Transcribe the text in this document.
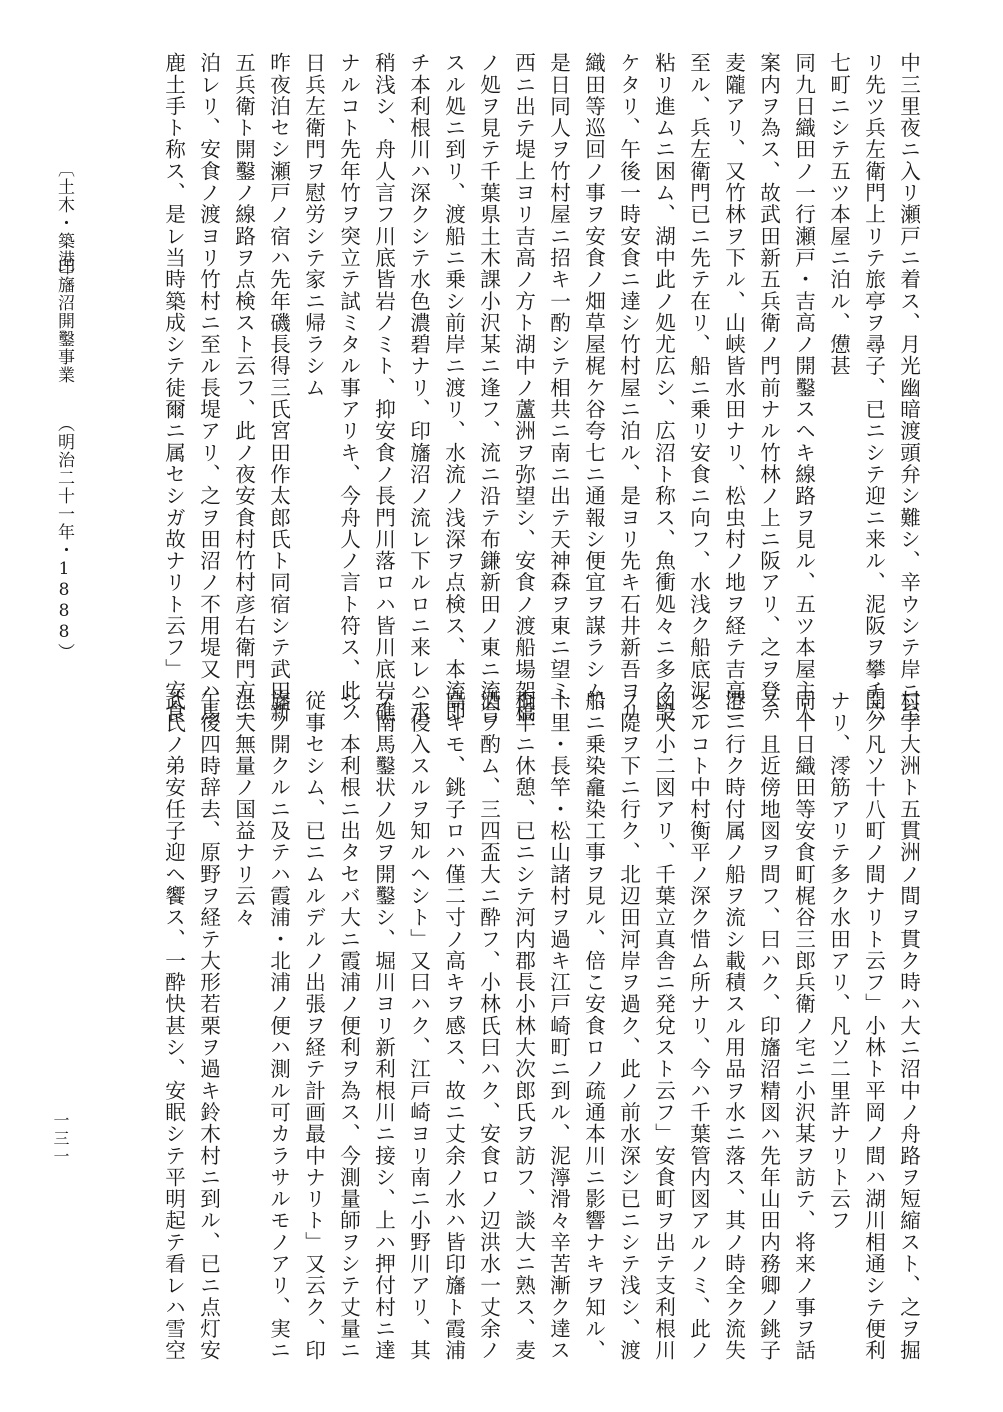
中三里夜ニ入リ瀬戸ニ着ス、月光幽暗渡頭弁シ難シ、辛ウシテ岸ニ至
リ先ツ兵左衛門上リテ旅亭ヲ尋子、已ニシテ迎ニ来ル、泥阪ヲ攀チ六
七町ニシテ五ツ本屋ニ泊ル、憊甚
同九日織田ノ一行瀬戸・吉高ノ開鑿スヘキ線路ヲ見ル、五ツ本屋主人
案内ヲ為ス、故武田新五兵衛ノ門前ナル竹林ノ上ニ阪アリ、之ヲ登テ
麦隴アリ、又竹林ヲ下ル、山峡皆水田ナリ、松虫村ノ地ヲ経テ吉高ニ
至ル、兵左衛門已ニ先テ在リ、船ニ乗リ安食ニ向フ、水浅ク船底泥ニ
粘リ進ムニ困ム、湖中此ノ処尤広シ、広沼ト称ス、魚衝処々ニ多ク設
ケタリ、午後一時安食ニ達シ竹村屋ニ泊ル、是ヨリ先キ石井新吾ヨリ
織田等巡回ノ事ヲ安食ノ畑草屋梶ケ谷夸七ニ通報シ便宜ヲ謀ラシム、
是日同人ヲ竹村屋ニ招キ一酌シテ相共ニ南ニ出テ天神森ヲ東ニ望ミ、
西ニ出テ堤上ヨリ吉高ノ方ト湖中ノ蘆洲ヲ弥望シ、安食ノ渡船場架橋
ノ処ヲ見テ千葉県土木課小沢某ニ逢フ、流ニ沿テ布鎌新田ノ東ニ流合
スル処ニ到リ、渡船ニ乗シ前岸ニ渡リ、水流ノ浅深ヲ点検ス、本流即
チ本利根川ハ深クシテ水色濃碧ナリ、印旛沼ノ流レ下ルロニ来レハ水
稍浅シ、舟人言フ川底皆岩ノミト、抑安食ノ長門川落ロハ皆川底岩礁
ナルコト先年竹ヲ突立テ試ミタル事アリキ、今舟人ノ言ト符ス、此ノ
日兵左衛門ヲ慰労シテ家ニ帰ラシム
昨夜泊セシ瀬戸ノ宿ハ先年磯長得三氏宮田作太郎氏ト同宿シテ武田新
五兵衛ト開鑿ノ線路ヲ点検スト云フ、此ノ夜安食村竹村彦右衛門方ニ
泊レリ、安食ノ渡ヨリ竹村ニ至ル長堤アリ、之ヲ田沼ノ不用堤又ハ馬
鹿土手ト称ス、是レ当時築成シテ徒爾ニ属セシガ故ナリト云フ」安食
村字大洲ト五貫洲ノ間ヲ貫ク時ハ大ニ沼中ノ舟路ヲ短縮スト、之ヲ掘
開ク凡ソ十八町ノ間ナリト云フ」小林ト平岡ノ間ハ湖川相通シテ便利
ナリ、澪筋アリテ多ク水田アリ、凡ソ二里許ナリト云フ
同十日織田等安食町梶谷三郎兵衛ノ宅ニ小沢某ヲ訪テ、将来ノ事ヲ話
ス、且近傍地図ヲ問フ、曰ハク、印旛沼精図ハ先年山田内務卿ノ銚子
港ニ行ク時付属ノ船ヲ流シ載積スル用品ヲ水ニ落ス、其ノ時全ク流失
スルコト中村衡平ノ深ク惜ム所ナリ、今ハ千葉管内図アルノミ、此ノ
図大小二図アリ、千葉立真舎ニ発兌スト云フ」安食町ヲ出テ支利根川
ノ隄ヲ下ニ行ク、北辺田河岸ヲ過ク、此ノ前水深シ已ニシテ浅シ、渡
船ニ乗染龕染工事ヲ見ル、倍こ安食ロノ疏通本川ニ影響ナキヲ知ル、
十里・長竿・松山諸村ヲ過キ江戸崎町ニ到ル、泥濘滑々辛苦漸ク達ス
桐半ニ休憩、已ニシテ河内郡長小林大次郎氏ヲ訪フ、談大ニ熟ス、麦
酒ヲ酌ム、三四盃大ニ酔フ、小林氏曰ハク、安食ロノ辺洪水一丈余ノ
高キモ、銚子ロハ僅二寸ノ高キヲ感ス、故ニ丈余ノ水ハ皆印旛ト霞浦
ニ侵入スルヲ知ルヘシト」又曰ハク、江戸崎ヨリ南ニ小野川アリ、其
ノ南馬鑿状ノ処ヲ開鑿シ、堀川ヨリ新利根川ニ接シ、上ハ押付村ニ達
シ、本利根ニ出タセバ大ニ霞浦ノ便利ヲ為ス、今測量師ヲシテ丈量ニ
従事セシム、已ニムルデルノ出張ヲ経テ計画最中ナリト」又云ク、印
旛ノ開クルニ及テハ霞浦・北浦ノ便ハ測ル可カラサルモノアリ、実ニ
洪大無量ノ国益ナリ云々
午後四時辞去、原野ヲ経テ大形若栗ヲ過キ鈴木村ニ到ル、已ニ点灯安
武氏ノ弟安任子迎ヘ饗ス、一酔快甚シ、安眠シテ平明起テ看レハ雪空
〔土木・築港〕
印旛沼開鑿事業
（明治二十一年・1888）
一三一
